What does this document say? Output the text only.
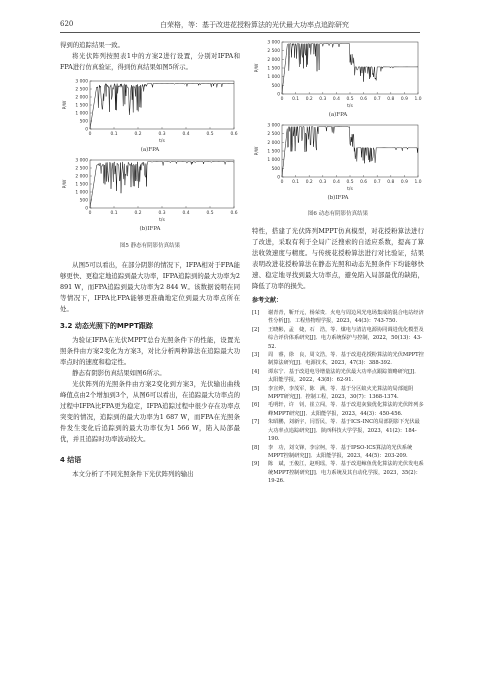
620	白荣格，等：基于改进花授粉算法的光伏最大功率点追踪研究

得到的追踪结果一致。

将光伏阵列按照表1中的方案2进行设置，分别对IFPA和FPA进行仿真验证，得到仿真结果如图5所示。

3 000
2 500
2 000
1 500
1 000
500
0
0	0.1	0.2	0.3	0.4	0.5	0.6
P/W
t/s
(a)FPA
3 000
2 500
2 000
1 500
1 000
500
0
0	0.1	0.2	0.3	0.4	0.5	0.6
P/W
t/s
(b)IFPA
图5 静态有阴影仿真结果

从图5可以看出，在部分阴影的情况下，IFPA相对于FPA能够更快、更稳定地追踪到最大功率，IFPA追踪到的最大功率为2 891 W，而FPA追踪到最大功率为2 844 W。该数据说明在同等情况下，IFPA比FPA能够更准确地定位到最大功率点所在处。

3.2 动态光照下的MPPT跟踪

为验证IFPA在光伏MPPT总台光照条件下的性能，设置光照条件由方案2变化为方案3，对比分析两种算法在追踪最大功率点时的速度和稳定性。

静态有阴影仿真结果如图6所示。

光伏阵列的光照条件由方案2变化到方案3，光伏输出曲线峰值点由2个增加到3个，从图6可以看出，在追踪最大功率点的过程中IFPA比FPA更为稳定，IFPA追踪过程中很少存在功率点突变的情况，追踪到的最大功率为1 687 W，而FPA在光照条件发生变化后追踪到的最大功率仅为1 566 W，陷入局部最优，并且追踪时功率波动较大。

4 结语

本文分析了不同光照条件下光伏阵列的输出

3 000
2 500
2 000
1 500
1 000
500
0
0 0.1 0.2 0.3 0.4 0.5 0.6 0.7 0.8 0.9 1.0
P/W
t/s
(a)FPA
3 000
2 500
2 000
1 500
1 000
500
0
0 0.1 0.2 0.3 0.4 0.5 0.6 0.7 0.8 0.9 1.0
P/W
t/s
(b)IFPA
图6 动态有阴影仿真结果

特性，搭建了光伏阵列MPPT仿真模型，对花授粉算法进行了改进，采取有利于全局广泛搜索的自适应系数，提高了算法收敛速度与精度。与传统花授粉算法进行对比验证，结果表明改进花授粉算法在静态光照和动态光照条件下均能够快速、稳定地寻找到最大功率点，避免陷入局部最优的缺陷，降低了功率的损失。

参考文献：
[1]	谢青青，靳开元，杨荣贵．火电与周边风光电场集成的混合电站经济性分析[J]．工程热物理学报，2023，44(3)：743-750.
[2]	王晓彬，孟　婕，石　浩，等．煤电与清洁电源协同调进优化模型及综合评价体系研究[J]．电力系统保护与控制，2022，50(13)：43-52.
[3]	周　睿，徐　良，周文浩，等．基于改进花授粉算法的光伏MPPT控制算法研究[J]．电源技术，2023，47(3)：388-392.
[4]	谭东宁．基于改进电导增量法的光伏最大功率点跟踪策略研究[J]．太阳能学报，2022，43(8)：62-91.
[5]	李宣烨，李茂军，陈　满，等．基于分区蚁火光算法的局部遮阴MPPT研究[J]．控制工程，2023，30(7)：1368-1374.
[6]	毛明轩，许　钊，崔立闯，等．基于改进灰狼优化算法的光伏阵列多峰MPPT研究[J]．太阳能学报，2023，44(3)：450-456.
[7]	朱昭鹏，刘新宇，闫晋民，等．基于ICS-INC的局部阴影下光伏最大功率点追踪研究[J]．陕西科技大学学报，2023，41(2)：184-190.
[8]	李　功，刘文锋，李宗柯，等．基于IPSO-ICS算法的光伏系统MPPT控制研究[J]．太阳能学报，2023，44(5)：203-209.
[9]	陈　斌，王俊江，赵明瑶，等．基于改进鲸鱼优化算法的光伏发电系统MPPT控制研究[J]．电力系统及其自动化学报，2023，35(2)：19-26.
